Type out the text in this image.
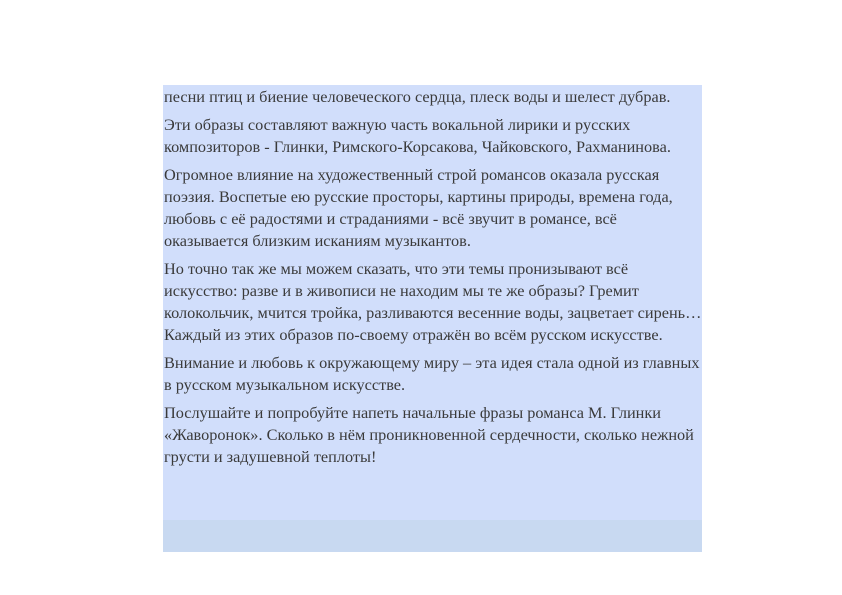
песни птиц и биение человеческого сердца, плеск воды и шелест дубрав.

Эти образы составляют важную часть вокальной лирики и русских композиторов - Глинки, Римского-Корсакова, Чайковского, Рахманинова.

Огромное влияние на художественный строй романсов оказала русская поэзия. Воспетые ею русские просторы, картины природы, времена года, любовь с её радостями и страданиями - всё звучит в романсе, всё оказывается близким исканиям музыкантов.

Но точно так же мы можем сказать, что эти темы пронизывают всё искусство: разве и в живописи не находим мы те же образы? Гремит колокольчик, мчится тройка, разливаются весенние воды, зацветает сирень… Каждый из этих образов по-своему отражён во всём русском искусстве.

Внимание и любовь к окружающему миру – эта идея стала одной из главных в русском музыкальном искусстве.

Послушайте и попробуйте напеть начальные фразы романса М. Глинки «Жаворонок». Сколько в нём проникновенной сердечности, сколько нежной грусти и задушевной теплоты!
